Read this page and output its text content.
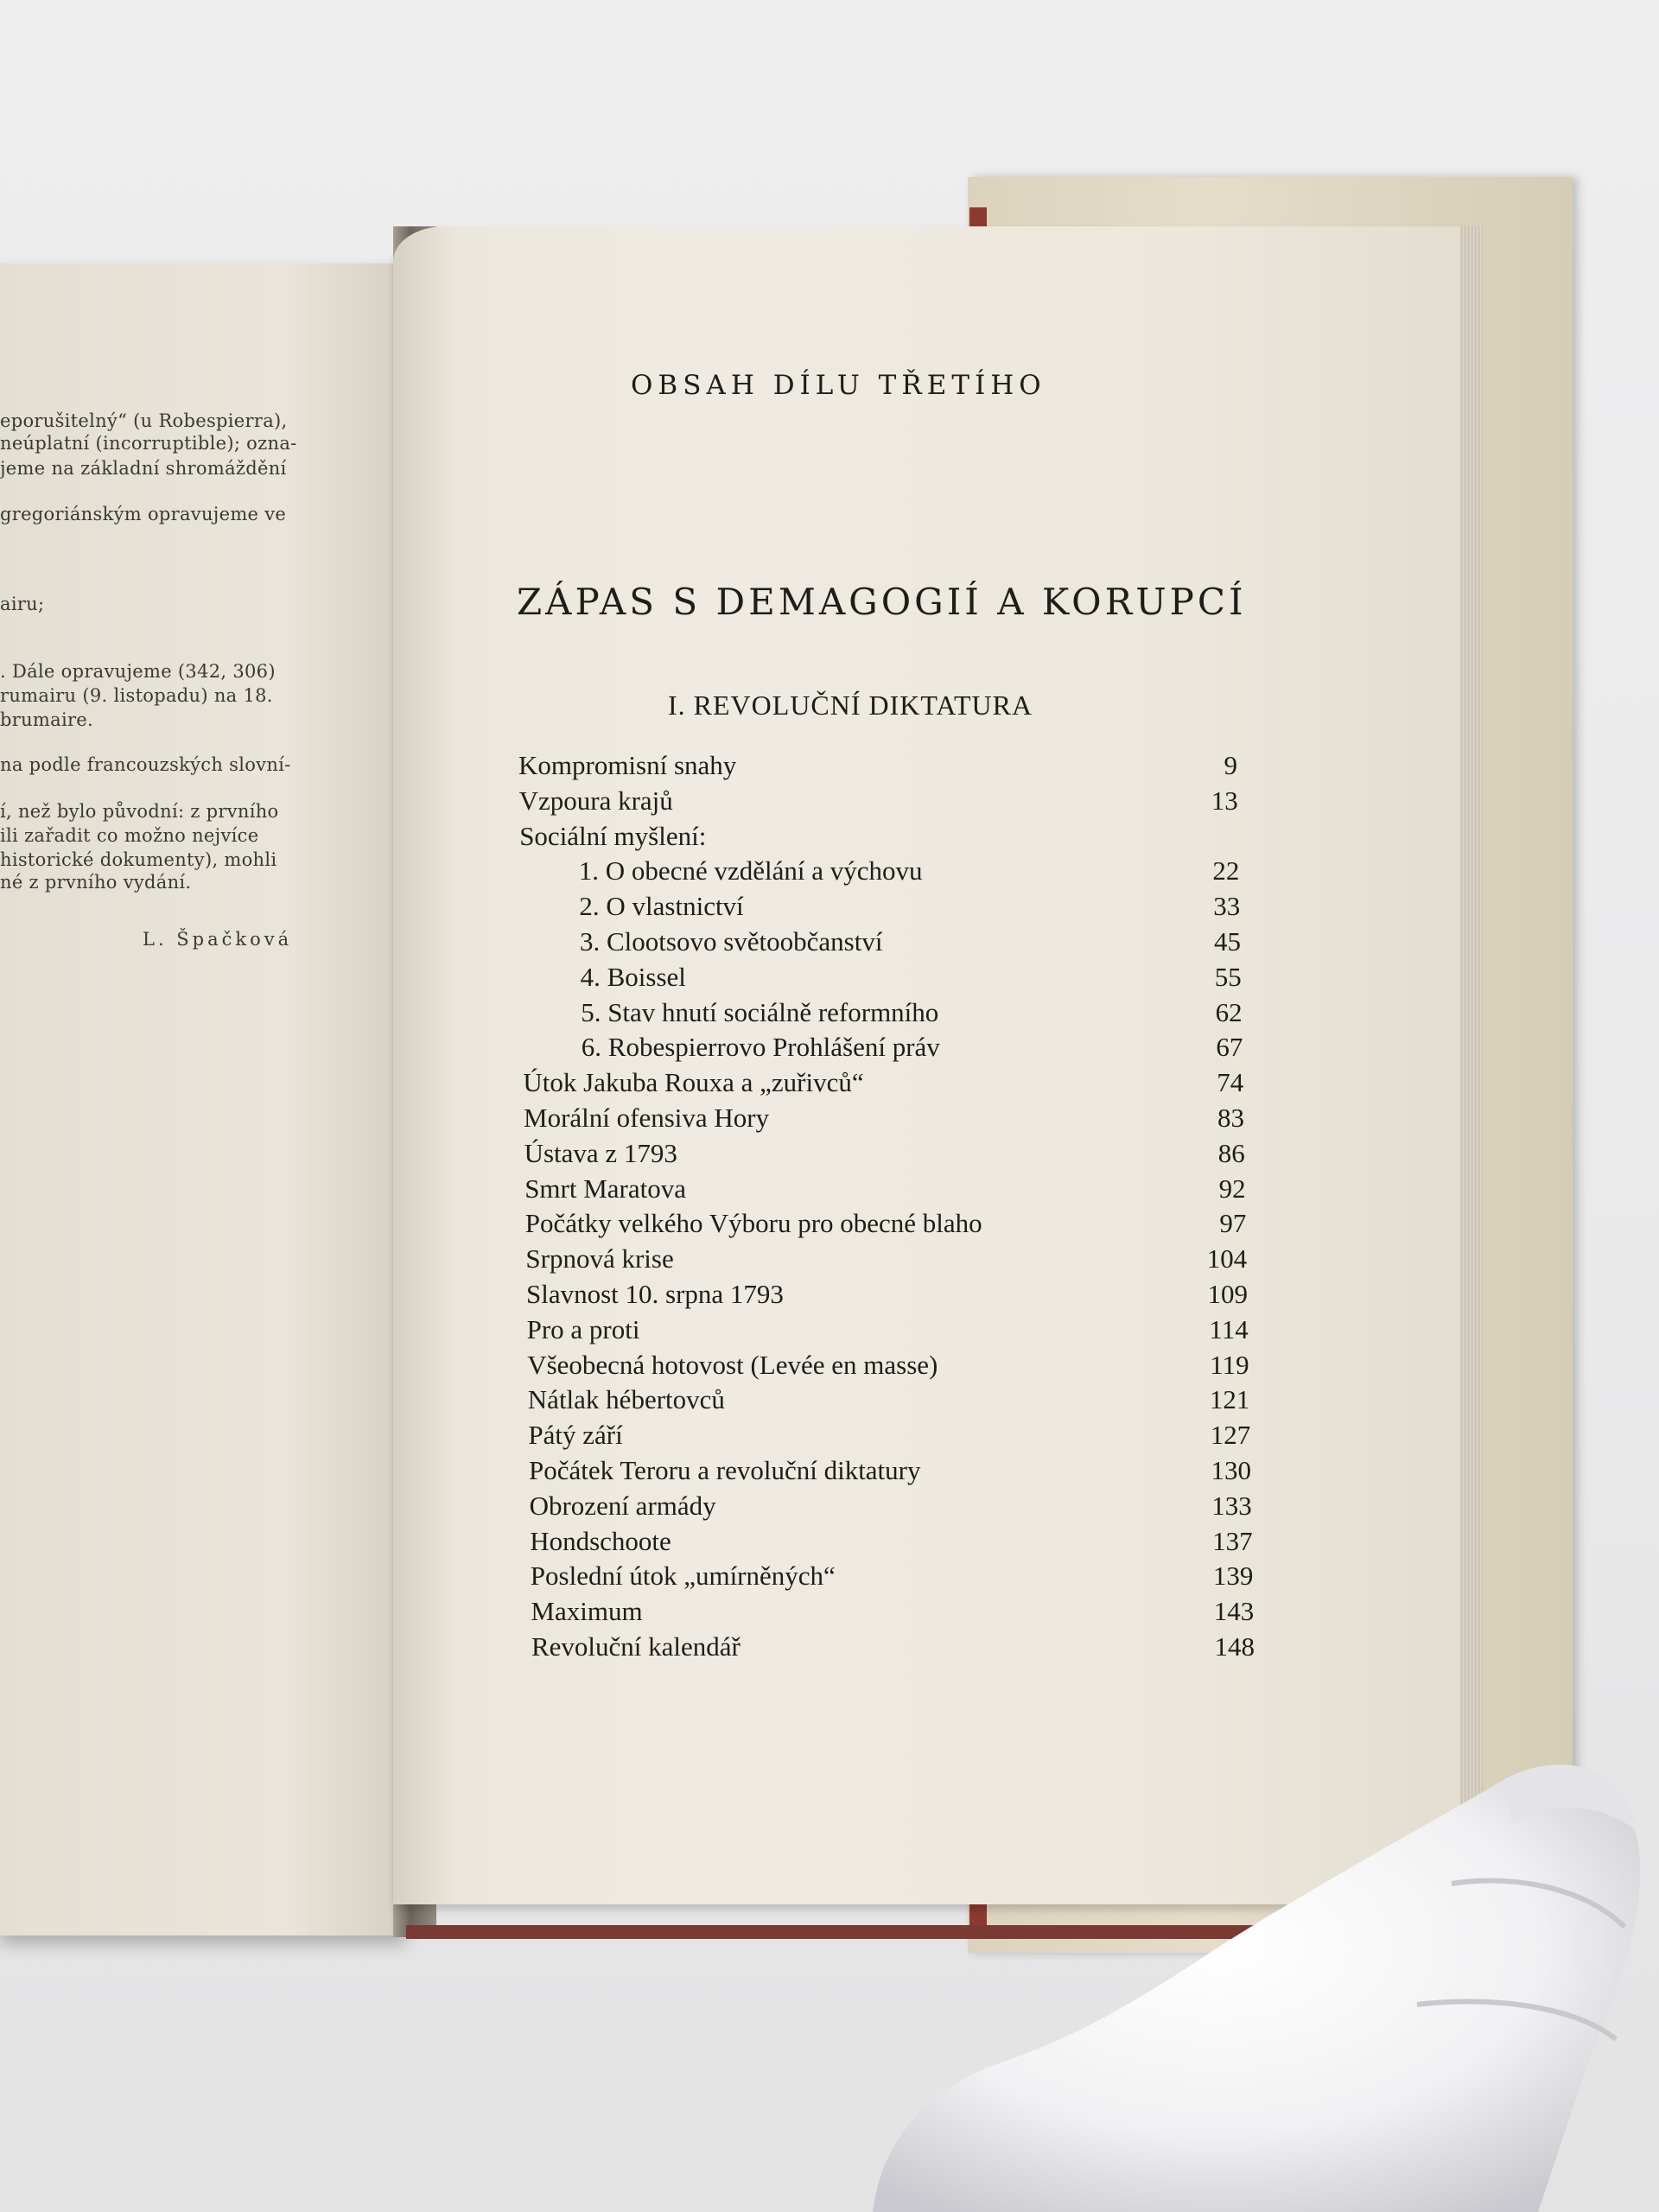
eporušitelný“ (u Robespierra),
neúplatní (incorruptible); ozna-
jeme na základní shromáždění
gregoriánským opravujeme ve
airu;
. Dále opravujeme (342, 306)
rumairu (9. listopadu) na 18.
brumaire.
na podle francouzských slovní-
í, než bylo původní: z prvního
ili zařadit co možno nejvíce
historické dokumenty), mohli
né z prvního vydání.
L. Špačková
OBSAH DÍLU TŘETÍHO
ZÁPAS S DEMAGOGIÍ A KORUPCÍ
I. REVOLUČNÍ DIKTATURA
Kompromisní snahy	9
Vzpoura krajů	13
Sociální myšlení:
1. O obecné vzdělání a výchovu	22
2. O vlastnictví	33
3. Clootsovo světoobčanství	45
4. Boissel	55
5. Stav hnutí sociálně reformního	62
6. Robespierrovo Prohlášení práv	67
Útok Jakuba Rouxa a „zuřivců“	74
Morální ofensiva Hory	83
Ústava z 1793	86
Smrt Maratova	92
Počátky velkého Výboru pro obecné blaho	97
Srpnová krise	104
Slavnost 10. srpna 1793	109
Pro a proti	114
Všeobecná hotovost (Levée en masse)	119
Nátlak hébertovců	121
Pátý září	127
Počátek Teroru a revoluční diktatury	130
Obrození armády	133
Hondschoote	137
Poslední útok „umírněných“	139
Maximum	143
Revoluční kalendář	148
